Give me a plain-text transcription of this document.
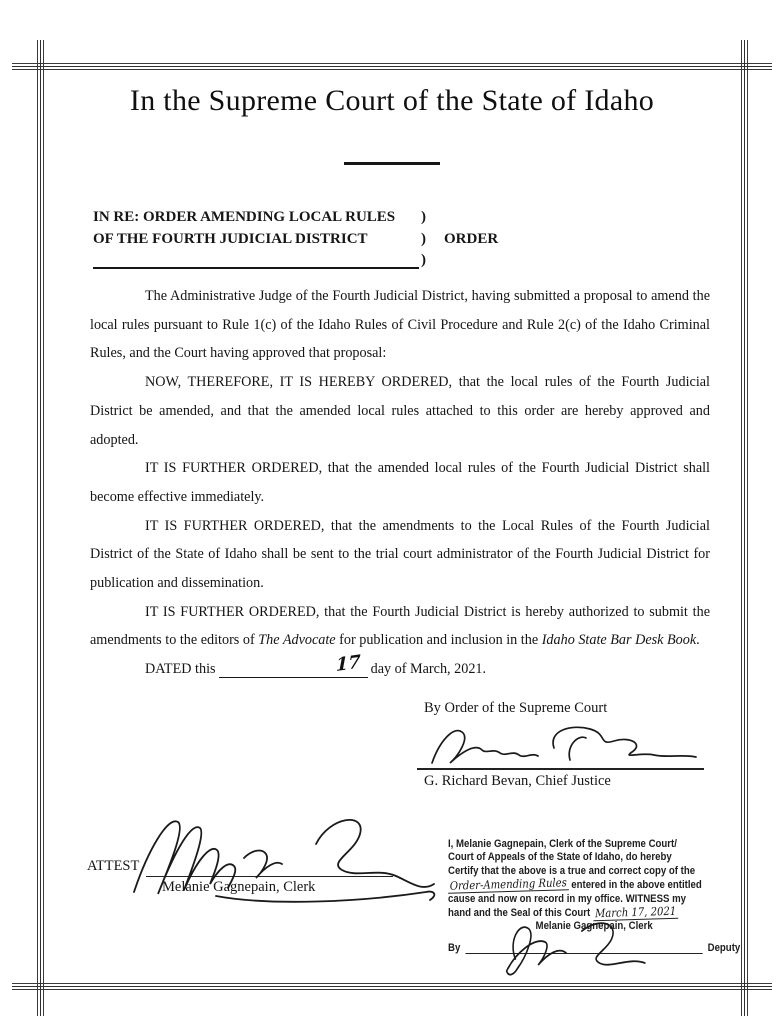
In the Supreme Court of the State of Idaho
IN RE: ORDER AMENDING LOCAL RULES
OF THE FOURTH JUDICIAL DISTRICT
)
)
)
ORDER

The Administrative Judge of the Fourth Judicial District, having submitted a proposal to amend the local rules pursuant to Rule 1(c) of the Idaho Rules of Civil Procedure and Rule 2(c) of the Idaho Criminal Rules, and the Court having approved that proposal:

NOW, THEREFORE, IT IS HEREBY ORDERED, that the local rules of the Fourth Judicial District be amended, and that the amended local rules attached to this order are hereby approved and adopted.

IT IS FURTHER ORDERED, that the amended local rules of the Fourth Judicial District shall become effective immediately.

IT IS FURTHER ORDERED, that the amendments to the Local Rules of the Fourth Judicial District of the State of Idaho shall be sent to the trial court administrator of the Fourth Judicial District for publication and dissemination.

IT IS FURTHER ORDERED, that the Fourth Judicial District is hereby authorized to submit the amendments to the editors of The Advocate for publication and inclusion in the Idaho State Bar Desk Book.

DATED this	17 day of March, 2021.

By Order of the Supreme Court
G. Richard Bevan, Chief Justice
ATTEST
Melanie Gagnepain, Clerk
I, Melanie Gagnepain, Clerk of the Supreme Court/
Court of Appeals of the State of Idaho, do hereby
Certify that the above is a true and correct copy of the
Order-Amending Rules entered in the above entitled
cause and now on record in my office. WITNESS my
hand and the Seal of this Court March 17, 2021
Melanie Gagnepain, Clerk
By	Deputy
